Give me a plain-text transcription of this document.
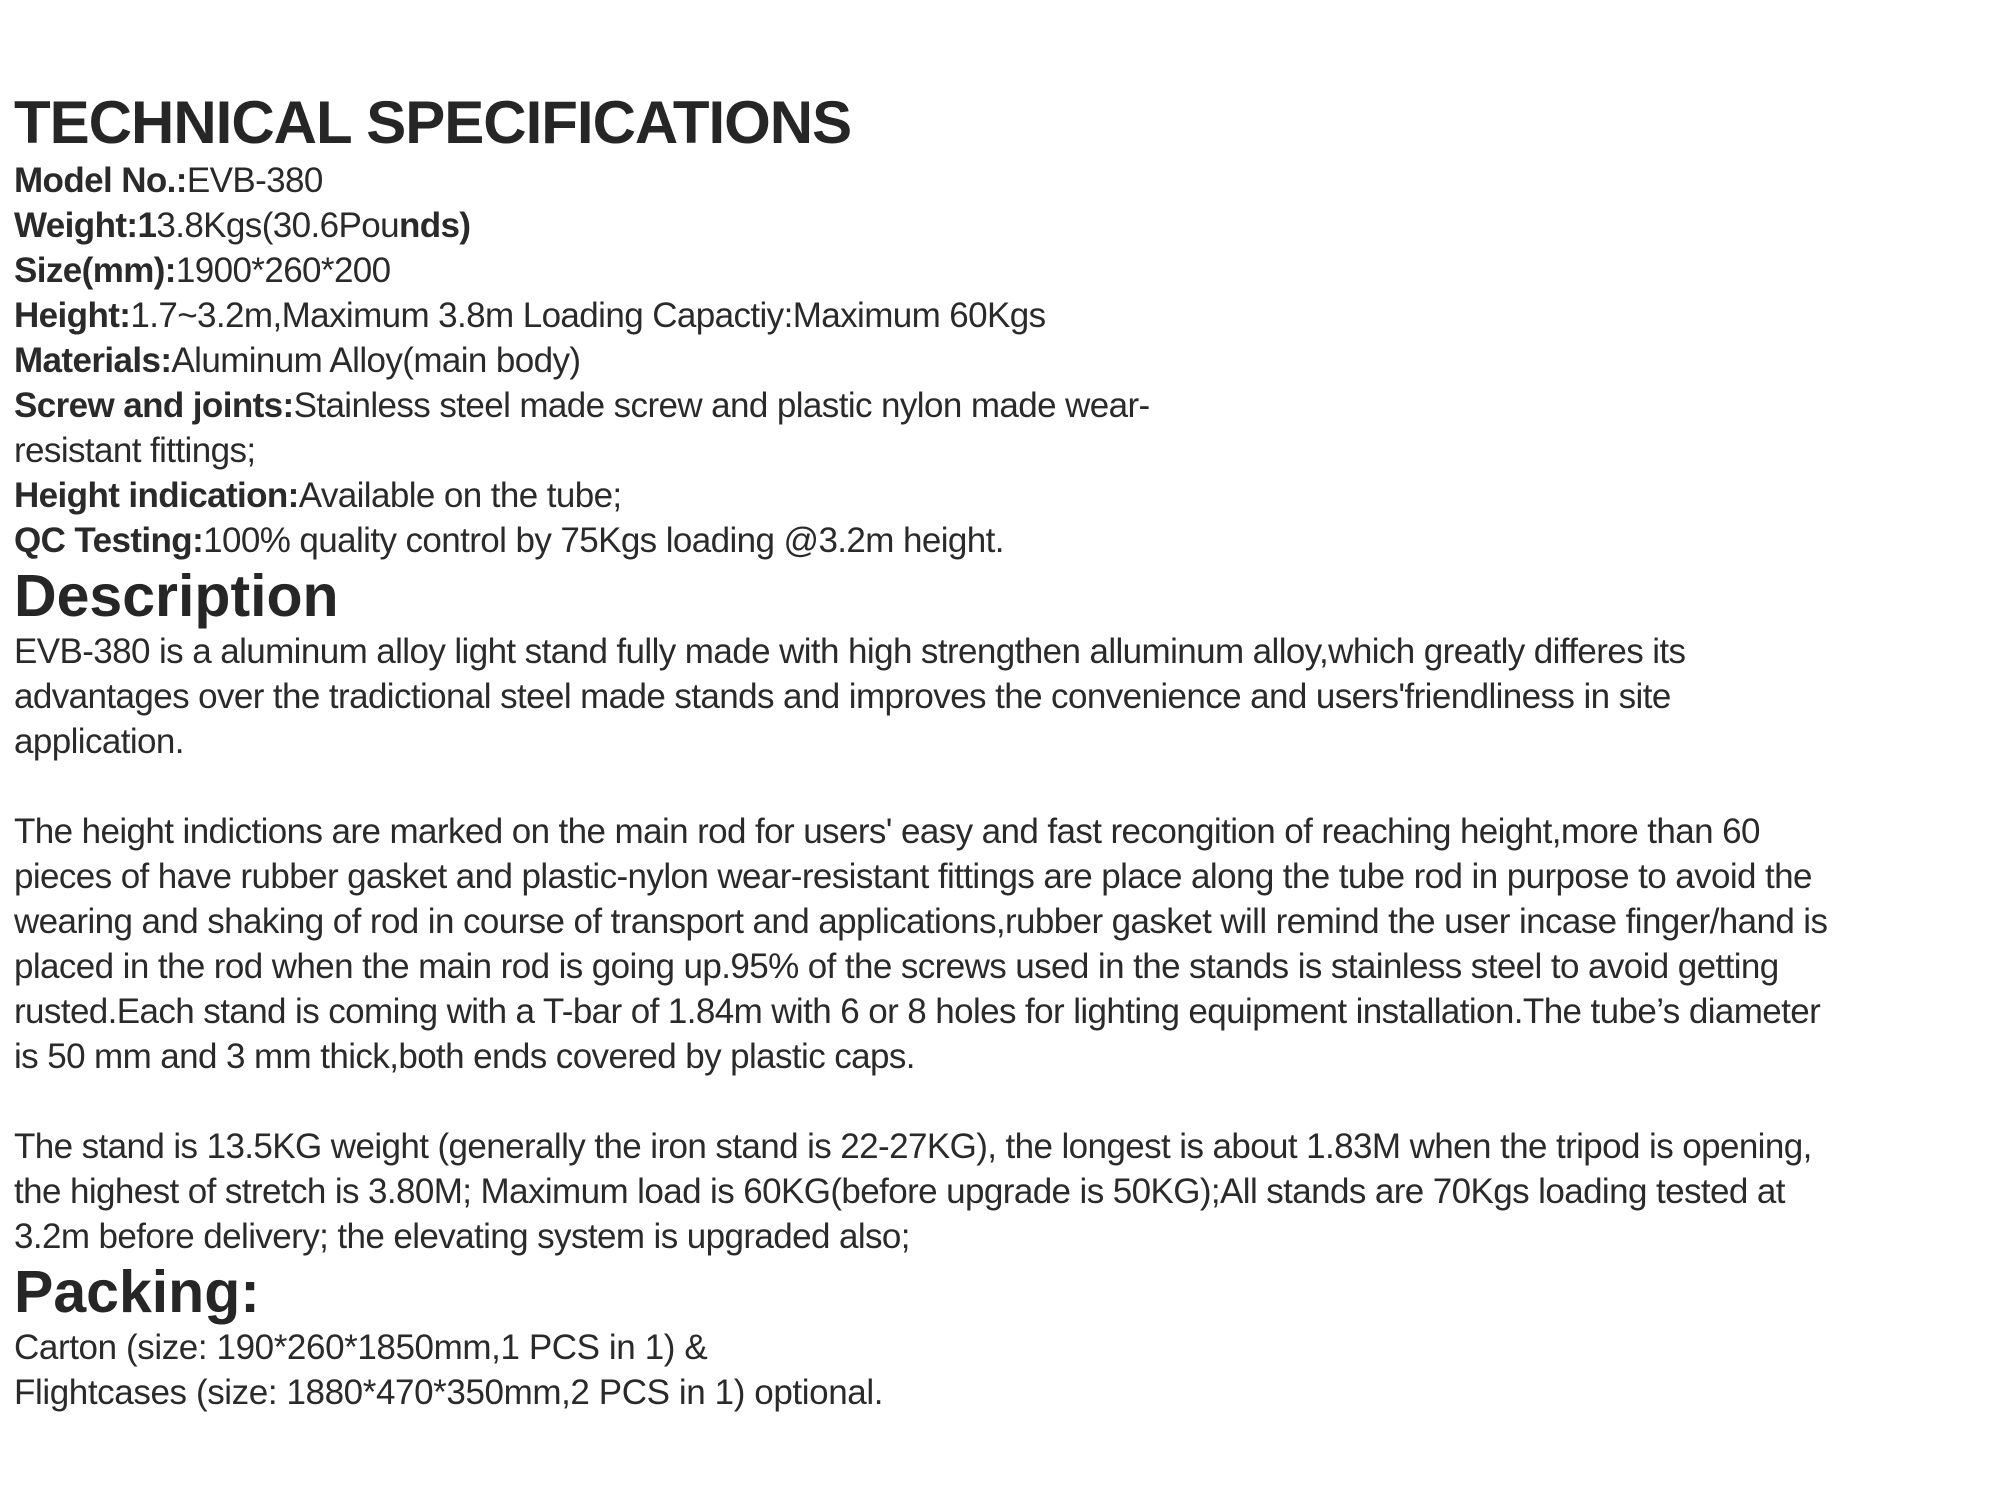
TECHNICAL SPECIFICATIONS
Model No.:EVB-380
Weight:13.8Kgs(30.6Pounds)
Size(mm):1900*260*200
Height:1.7~3.2m,Maximum 3.8m Loading Capactiy:Maximum 60Kgs
Materials:Aluminum Alloy(main body)
Screw and joints:Stainless steel made screw and plastic nylon made wear-
resistant fittings;
Height indication:Available on the tube;
QC Testing:100% quality control by 75Kgs loading @3.2m height.
Description

EVB-380 is a aluminum alloy light stand fully made with high strengthen alluminum alloy,which greatly differes its

advantages over the tradictional steel made stands and improves the convenience and users'friendliness in site

application.

The height indictions are marked on the main rod for users' easy and fast recongition of reaching height,more than 60

pieces of have rubber gasket and plastic-nylon wear-resistant fittings are place along the tube rod in purpose to avoid the

wearing and shaking of rod in course of transport and applications,rubber gasket will remind the user incase finger/hand is

placed in the rod when the main rod is going up.95% of the screws used in the stands is stainless steel to avoid getting

rusted.Each stand is coming with a T-bar of 1.84m with 6 or 8 holes for lighting equipment installation.The tube’s diameter

is 50 mm and 3 mm thick,both ends covered by plastic caps.

The stand is 13.5KG weight (generally the iron stand is 22-27KG), the longest is about 1.83M when the tripod is opening,

the highest of stretch is 3.80M; Maximum load is 60KG(before upgrade is 50KG);All stands are 70Kgs loading tested at

3.2m before delivery; the elevating system is upgraded also;

Packing:

Carton (size: 190*260*1850mm,1 PCS in 1) &

Flightcases (size: 1880*470*350mm,2 PCS in 1) optional.
